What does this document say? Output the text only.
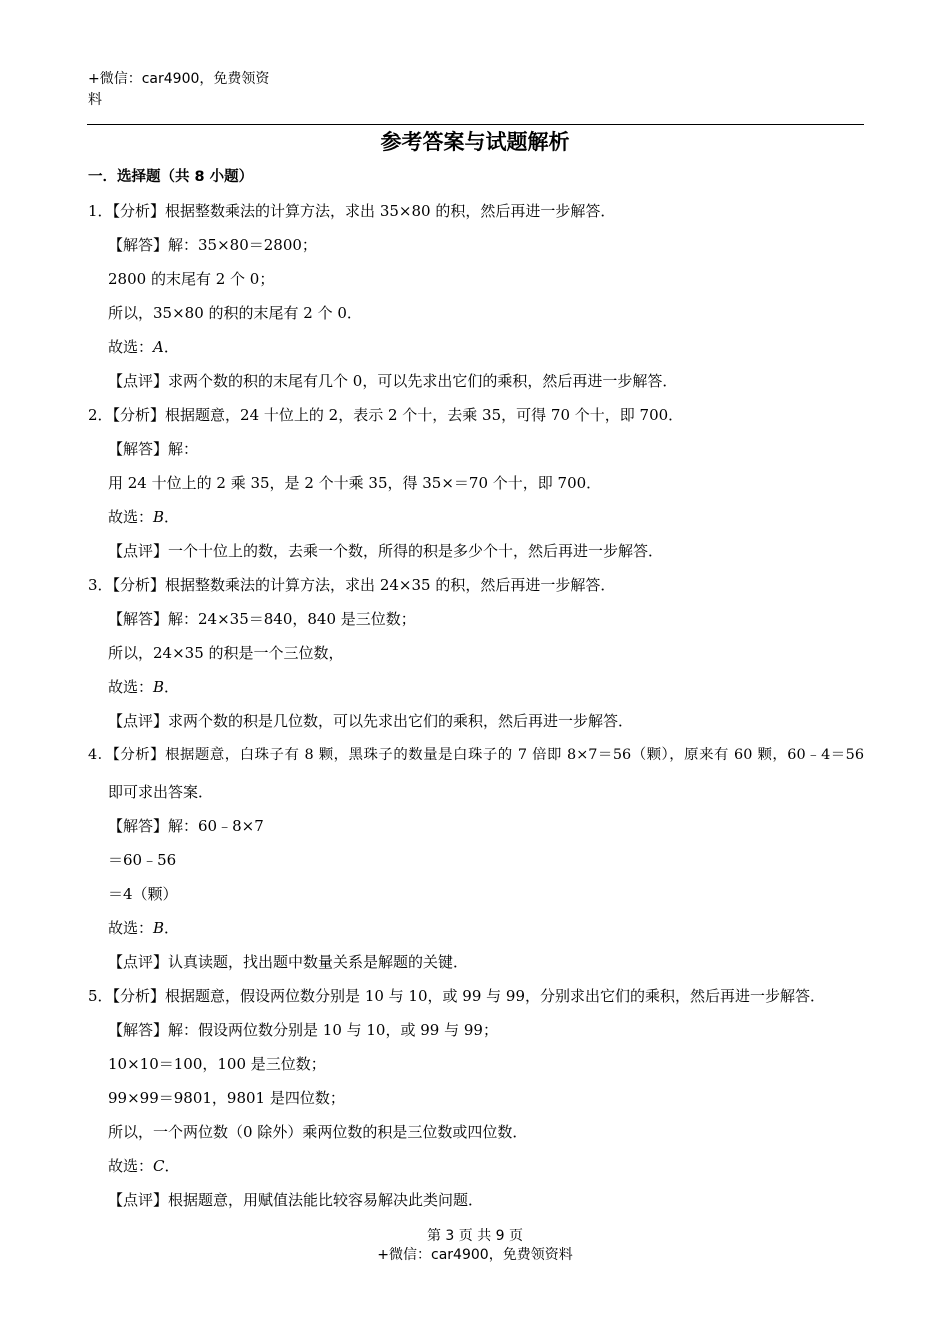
+微信：car4900，免费领资
料
参考答案与试题解析
一．选择题（共 8 小题）
1．【分析】根据整数乘法的计算方法，求出 35×80 的积，然后再进一步解答．
【解答】解：35×80＝2800；
2800 的末尾有 2 个 0；
所以，35×80 的积的末尾有 2 个 0．
故选：A．
【点评】求两个数的积的末尾有几个 0，可以先求出它们的乘积，然后再进一步解答．
2．【分析】根据题意，24 十位上的 2，表示 2 个十，去乘 35，可得 70 个十，即 700．
【解答】解：
用 24 十位上的 2 乘 35，是 2 个十乘 35，得 35×＝70 个十，即 700．
故选：B．
【点评】一个十位上的数，去乘一个数，所得的积是多少个十，然后再进一步解答．
3．【分析】根据整数乘法的计算方法，求出 24×35 的积，然后再进一步解答．
【解答】解：24×35＝840，840 是三位数；
所以，24×35 的积是一个三位数，
故选：B．
【点评】求两个数的积是几位数，可以先求出它们的乘积，然后再进一步解答．
4．【分析】根据题意，白珠子有 8 颗，黑珠子的数量是白珠子的 7 倍即 8×7＝56（颗），原来有 60 颗，60﹣4＝56
即可求出答案．
【解答】解：60﹣8×7
＝60﹣56
＝4（颗）
故选：B．
【点评】认真读题，找出题中数量关系是解题的关键．
5．【分析】根据题意，假设两位数分别是 10 与 10，或 99 与 99，分别求出它们的乘积，然后再进一步解答．
【解答】解：假设两位数分别是 10 与 10，或 99 与 99；
10×10＝100，100 是三位数；
99×99＝9801，9801 是四位数；
所以，一个两位数（0 除外）乘两位数的积是三位数或四位数．
故选：C．
【点评】根据题意，用赋值法能比较容易解决此类问题．
第 3 页 共 9 页
+微信：car4900，免费领资料
